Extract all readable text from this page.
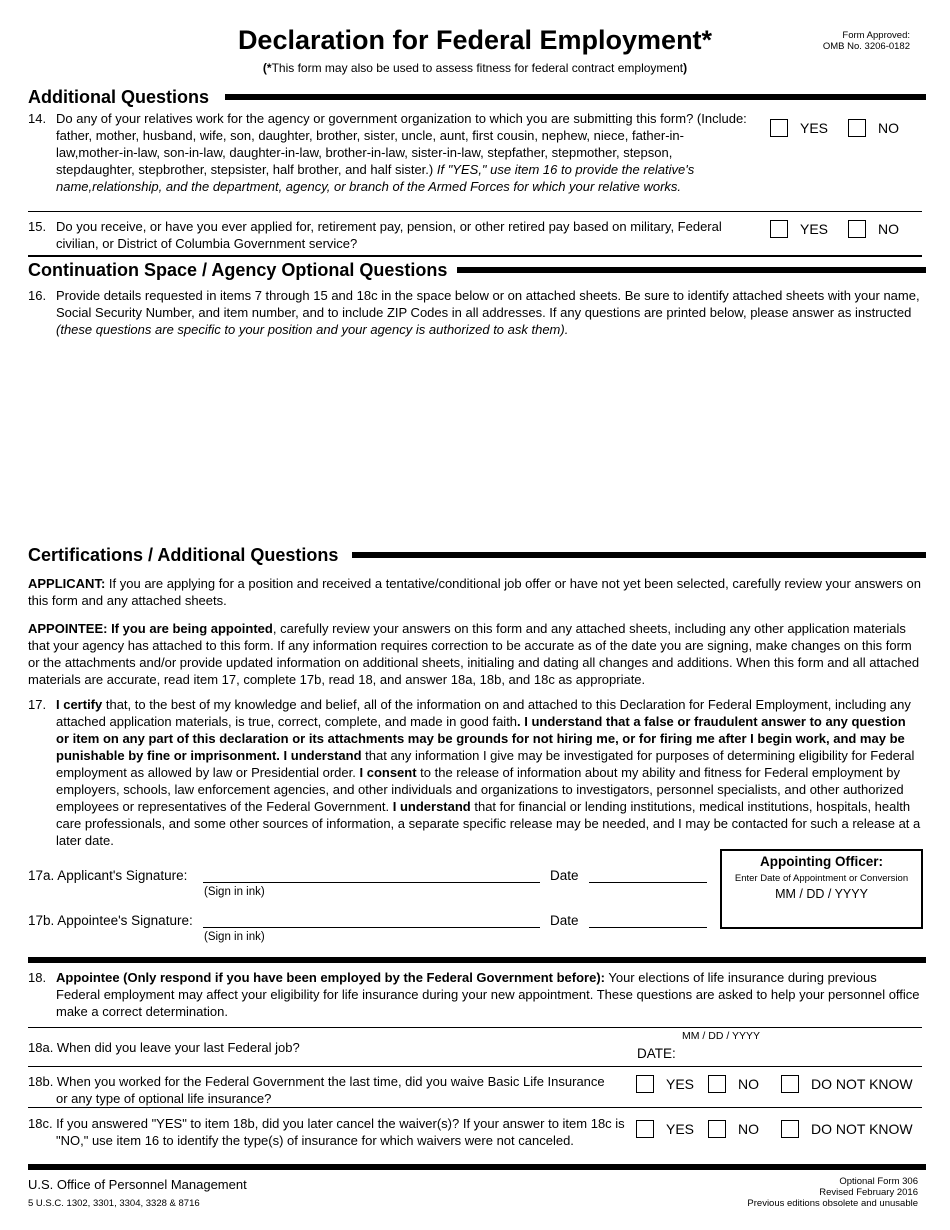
Declaration for Federal Employment*
(*This form may also be used to assess fitness for federal contract employment)
Form Approved:
OMB No. 3206-0182
Additional Questions
14. Do any of your relatives work for the agency or government organization to which you are submitting this form? (Include: father, mother, husband, wife, son, daughter, brother, sister, uncle, aunt, first cousin, nephew, niece, father-in-law,mother-in-law, son-in-law, daughter-in-law, brother-in-law, sister-in-law, stepfather, stepmother, stepson, stepdaughter, stepbrother, stepsister, half brother, and half sister.) If "YES," use item 16 to provide the relative's name,relationship, and the department, agency, or branch of the Armed Forces for which your relative works.
YES	NO
15. Do you receive, or have you ever applied for, retirement pay, pension, or other retired pay based on military, Federal civilian, or District of Columbia Government service?
YES	NO
Continuation Space / Agency Optional Questions
16. Provide details requested in items 7 through 15 and 18c in the space below or on attached sheets. Be sure to identify attached sheets with your name, Social Security Number, and item number, and to include ZIP Codes in all addresses. If any questions are printed below, please answer as instructed (these questions are specific to your position and your agency is authorized to ask them).
Certifications / Additional Questions
APPLICANT: If you are applying for a position and received a tentative/conditional job offer or have not yet been selected, carefully review your answers on this form and any attached sheets.
APPOINTEE: If you are being appointed, carefully review your answers on this form and any attached sheets, including any other application materials that your agency has attached to this form. If any information requires correction to be accurate as of the date you are signing, make changes on this form or the attachments and/or provide updated information on additional sheets, initialing and dating all changes and additions. When this form and all attached materials are accurate, read item 17, complete 17b, read 18, and answer 18a, 18b, and 18c as appropriate.
17. I certify that, to the best of my knowledge and belief, all of the information on and attached to this Declaration for Federal Employment, including any attached application materials, is true, correct, complete, and made in good faith. I understand that a false or fraudulent answer to any question or item on any part of this declaration or its attachments may be grounds for not hiring me, or for firing me after I begin work, and may be punishable by fine or imprisonment. I understand that any information I give may be investigated for purposes of determining eligibility for Federal employment as allowed by law or Presidential order. I consent to the release of information about my ability and fitness for Federal employment by employers, schools, law enforcement agencies, and other individuals and organizations to investigators, personnel specialists, and other authorized employees or representatives of the Federal Government. I understand that for financial or lending institutions, medical institutions, hospitals, health care professionals, and some other sources of information, a separate specific release may be needed, and I may be contacted for such a release at a later date.
17a. Applicant's Signature:
(Sign in ink)
Date
17b. Appointee's Signature:
(Sign in ink)
Date
Appointing Officer:
Enter Date of Appointment or Conversion
MM / DD / YYYY
18. Appointee (Only respond if you have been employed by the Federal Government before): Your elections of life insurance during previous Federal employment may affect your eligibility for life insurance during your new appointment. These questions are asked to help your personnel office make a correct determination.
18a. When did you leave your last Federal job?
MM / DD / YYYY
DATE:
18b. When you worked for the Federal Government the last time, did you waive Basic Life Insurance or any type of optional life insurance?
YES	NO	DO NOT KNOW
18c. If you answered "YES" to item 18b, did you later cancel the waiver(s)? If your answer to item 18c is "NO," use item 16 to identify the type(s) of insurance for which waivers were not canceled.
YES	NO	DO NOT KNOW
U.S. Office of Personnel Management
5 U.S.C. 1302, 3301, 3304, 3328 & 8716
Optional Form 306
Revised February 2016
Previous editions obsolete and unusable
